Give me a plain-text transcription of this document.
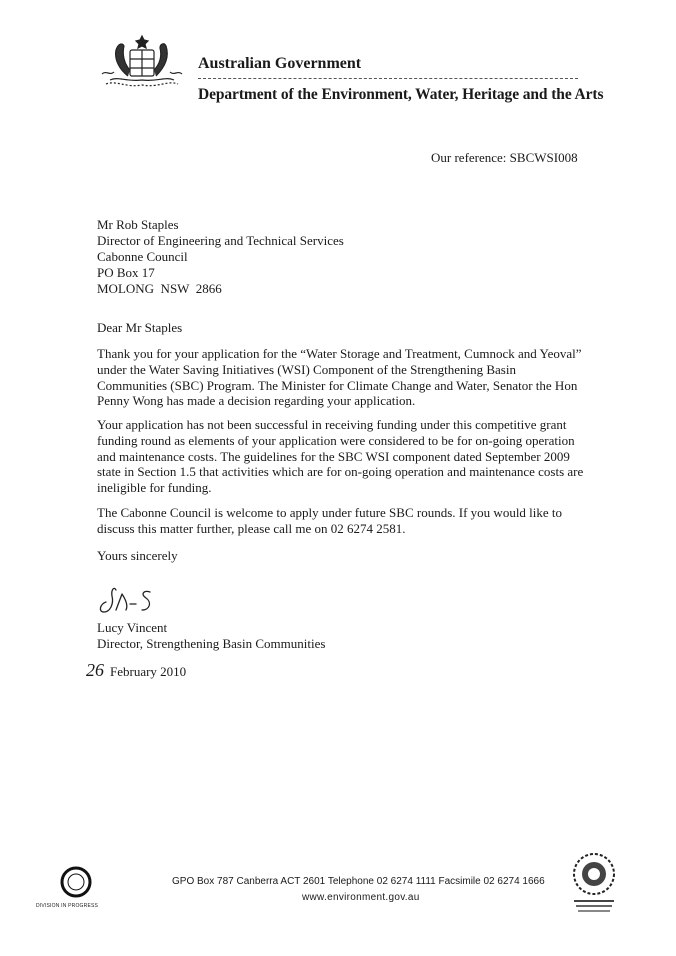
Australian Government
Department of the Environment, Water, Heritage and the Arts
Our reference: SBCWSI008
Mr Rob Staples
Director of Engineering and Technical Services
Cabonne Council
PO Box 17
MOLONG  NSW  2866
Dear Mr Staples
Thank you for your application for the “Water Storage and Treatment, Cumnock and Yeoval”
under the Water Saving Initiatives (WSI) Component of the Strengthening Basin
Communities (SBC) Program. The Minister for Climate Change and Water, Senator the Hon
Penny Wong has made a decision regarding your application.
Your application has not been successful in receiving funding under this competitive grant
funding round as elements of your application were considered to be for on-going operation
and maintenance costs. The guidelines for the SBC WSI component dated September 2009
state in Section 1.5 that activities which are for on-going operation and maintenance costs are
ineligible for funding.
The Cabonne Council is welcome to apply under future SBC rounds. If you would like to
discuss this matter further, please call me on 02 6274 2581.
Yours sincerely
Lucy Vincent
Director, Strengthening Basin Communities
26 February 2010
DIVISION IN PROGRESS
GPO Box 787 Canberra ACT 2601 Telephone 02 6274 1111 Facsimile 02 6274 1666
www.environment.gov.au
